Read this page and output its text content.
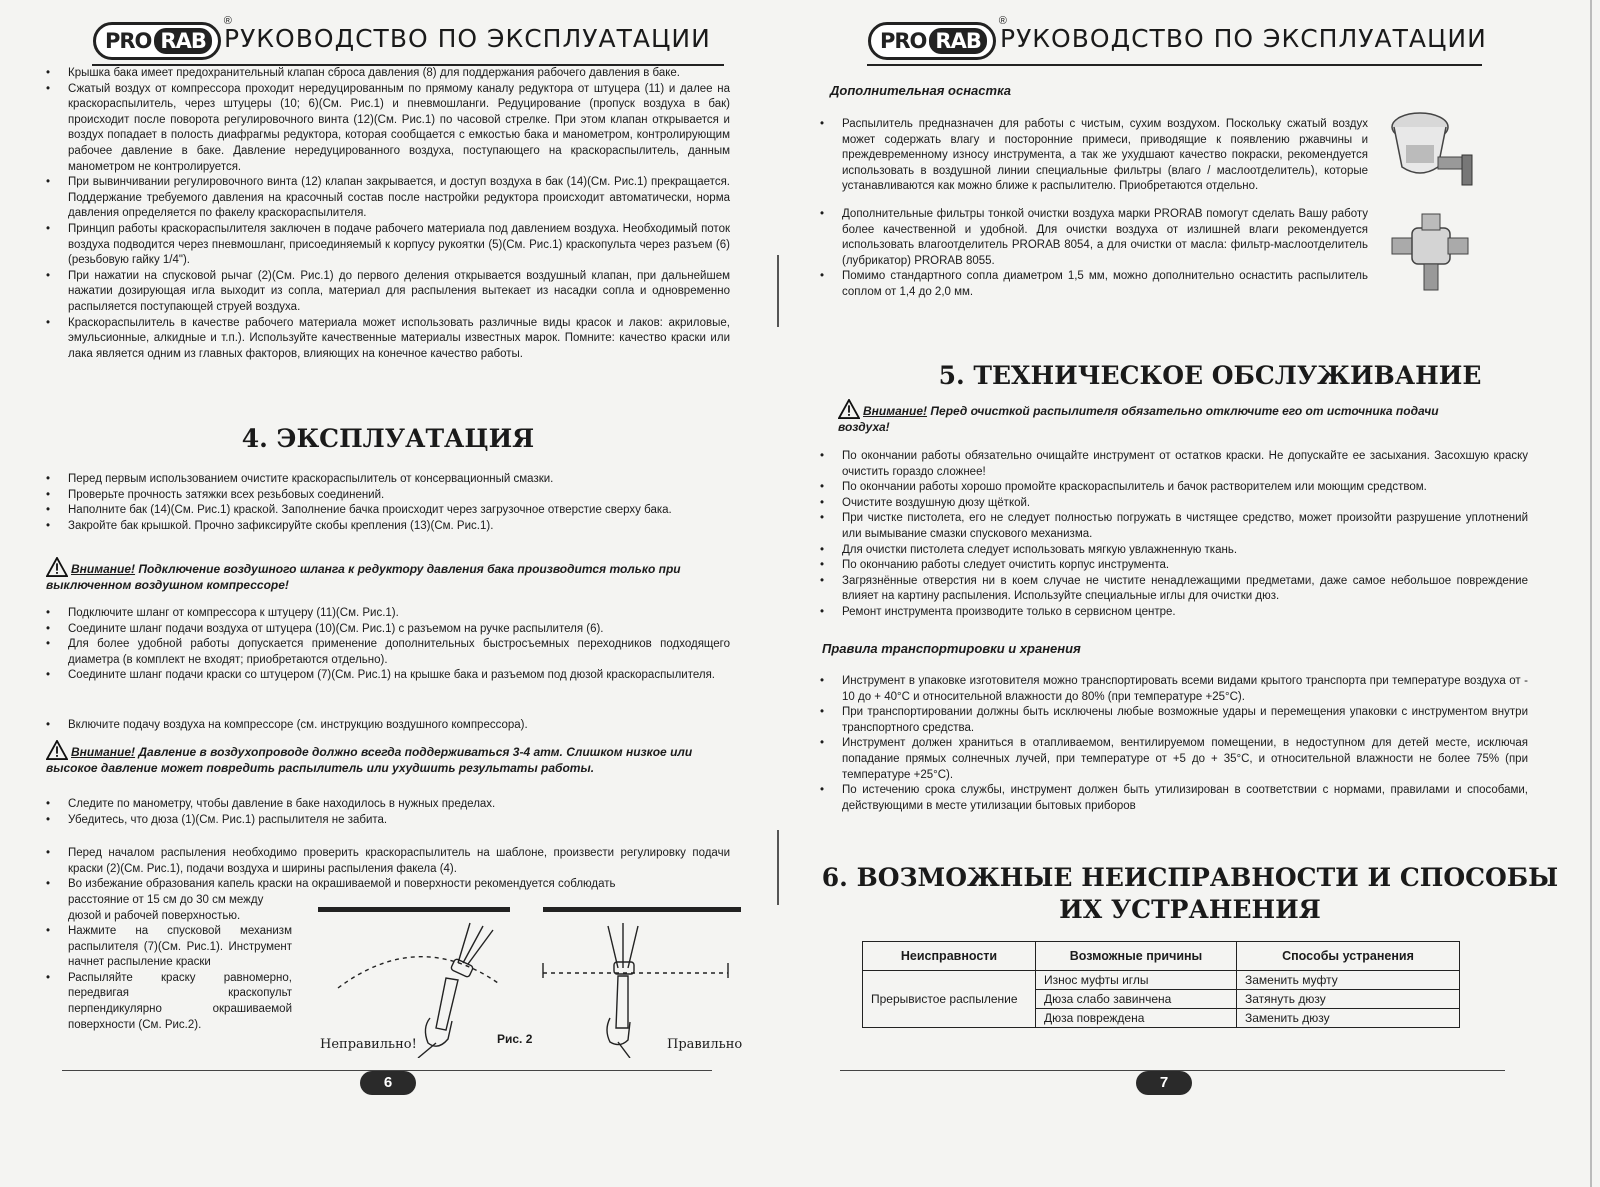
PRO RAB
®
РУКОВОДСТВО ПО ЭКСПЛУАТАЦИИ
• Крышка бака имеет предохранительный клапан сброса давления (8) для поддержания рабочего давления в баке.
• Сжатый воздух от компрессора проходит нередуцированным по прямому каналу редуктора от штуцера (11) и далее на краскораспылитель, через штуцеры (10; 6)(См. Рис.1) и пневмошланги. Редуцирование (пропуск воздуха в бак) происходит после поворота регулировочного винта (12)(См. Рис.1) по часовой стрелке. При этом клапан открывается и воздух попадает в полость диафрагмы редуктора, которая сообщается с емкостью бака и манометром, контролирующим рабочее давление в баке. Давление нередуцированного воздуха, поступающего на краскораспылитель, данным манометром не контролируется.
• При вывинчивании регулировочного винта (12) клапан закрывается, и доступ воздуха в бак (14)(См. Рис.1) прекращается. Поддержание требуемого давления на красочный состав после настройки редуктора происходит автоматически, норма давления определяется по факелу краскораспылителя.
• Принцип работы краскораспылителя заключен в подаче рабочего материала под давлением воздуха. Необходимый поток воздуха подводится через пневмошланг, присоединяемый к корпусу рукоятки (5)(См. Рис.1) краскопульта через разъем (6)(резьбовую гайку 1/4").
• При нажатии на спусковой рычаг (2)(См. Рис.1) до первого деления открывается воздушный клапан, при дальнейшем нажатии дозирующая игла выходит из сопла, материал для распыления вытекает из насадки сопла и одновременно распыляется поступающей струей воздуха.
• Краскораспылитель в качестве рабочего материала может использовать различные виды красок и лаков: акриловые, эмульсионные, алкидные и т.п.). Используйте качественные материалы известных марок. Помните: качество краски или лака является одним из главных факторов, влияющих на конечное качество работы.
4. ЭКСПЛУАТАЦИЯ
• Перед первым использованием очистите краскораспылитель от консервационный смазки.
• Проверьте прочность затяжки всех резьбовых соединений.
• Наполните бак (14)(См. Рис.1) краской. Заполнение бачка происходит через загрузочное отверстие сверху бака.
• Закройте бак крышкой. Прочно зафиксируйте скобы крепления (13)(См. Рис.1).
Внимание! Подключение воздушного шланга к редуктору давления бака производится только при выключенном воздушном компрессоре!
• Подключите шланг от компрессора к штуцеру (11)(См. Рис.1).
• Соедините шланг подачи воздуха от штуцера (10)(См. Рис.1) с разъемом на ручке распылителя (6).
• Для более удобной работы допускается применение дополнительных быстросъемных переходников подходящего диаметра (в комплект не входят; приобретаются отдельно).
• Соедините шланг подачи краски со штуцером (7)(См. Рис.1) на крышке бака и разъемом под дюзой краскораспылителя.
• Включите подачу воздуха на компрессоре (см. инструкцию воздушного компрессора).
Внимание! Давление в воздухопроводе должно всегда поддерживаться 3-4 атм. Слишком низкое или высокое давление может повредить распылитель или ухудшить результаты работы.
• Следите по манометру, чтобы давление в баке находилось в нужных пределах.
• Убедитесь, что дюза (1)(См. Рис.1) распылителя не забита.
• Перед началом распыления необходимо проверить краскораспылитель на шаблоне, произвести регулировку подачи краски (2)(См. Рис.1), подачи воздуха и ширины распыления факела (4).
• Во избежание образования капель краски на окрашиваемой и поверхности рекомендуется соблюдать
расстояние от 15 см до 30 см между дюзой и рабочей поверхностью.
• Нажмите на спусковой механизм распылителя (7)(См. Рис.1). Инструмент начнет распыление краски
• Распыляйте краску равномерно, передвигая краскопульт перпендикулярно окрашиваемой поверхности (См. Рис.2).
Неправильно!	Рис. 2	Правильно
6
PRO RAB
®
РУКОВОДСТВО ПО ЭКСПЛУАТАЦИИ
Дополнительная оснастка
• Распылитель предназначен для работы с чистым, сухим воздухом. Поскольку сжатый воздух может содержать влагу и посторонние примеси, приводящие к появлению ржавчины и преждевременному износу инструмента, а так же ухудшают качество покраски, рекомендуется использовать в воздушной линии специальные фильтры (влаго / маслоотделитель), которые устанавливаются как можно ближе к распылителю. Приобретаются отдельно.
• Дополнительные фильтры тонкой очистки воздуха марки PRORAB помогут сделать Вашу работу более качественной и удобной. Для очистки воздуха от излишней влаги рекомендуется использовать влагоотделитель PRORAB 8054, а для очистки от масла: фильтр-маслоотделитель (лубрикатор) PRORAB 8055.
• Помимо стандартного сопла диаметром 1,5 мм, можно дополнительно оснастить распылитель соплом от 1,4 до 2,0 мм.
5. ТЕХНИЧЕСКОЕ ОБСЛУЖИВАНИЕ
Внимание! Перед очисткой распылителя обязательно отключите его от источника подачи воздуха!
• По окончании работы обязательно очищайте инструмент от остатков краски. Не допускайте ее засыхания. Засохшую краску очистить гораздо сложнее!
• По окончании работы хорошо промойте краскораспылитель и бачок растворителем или моющим средством.
• Очистите воздушную дюзу щёткой.
• При чистке пистолета, его не следует полностью погружать в чистящее средство, может произойти разрушение уплотнений или вымывание смазки спускового механизма.
• Для очистки пистолета следует использовать мягкую увлажненную ткань.
• По окончанию работы следует очистить корпус инструмента.
• Загрязнённые отверстия ни в коем случае не чистите ненадлежащими предметами, даже самое небольшое повреждение влияет на картину распыления. Используйте специальные иглы для очистки дюз.
• Ремонт инструмента производите только в сервисном центре.
Правила транспортировки и хранения
• Инструмент в упаковке изготовителя можно транспортировать всеми видами крытого транспорта при температуре воздуха от - 10 до + 40°С и относительной влажности до 80% (при температуре +25°С).
• При транспортировании должны быть исключены любые возможные удары и перемещения упаковки с инструментом внутри транспортного средства.
• Инструмент должен храниться в отапливаемом, вентилируемом помещении, в недоступном для детей месте, исключая попадание прямых солнечных лучей, при температуре от +5 до + 35°С, и относительной влажности не более 75% (при температуре +25°С).
• По истечению срока службы, инструмент должен быть утилизирован в соответствии с нормами, правилами и способами, действующими в месте утилизации бытовых приборов
6. ВОЗМОЖНЫЕ НЕИСПРАВНОСТИ И СПОСОБЫ
ИХ УСТРАНЕНИЯ
Неисправности	Возможные причины	Способы устранения
Прерывистое распыление	Износ муфты иглы	Заменить муфту
	Дюза слабо завинчена	Затянуть дюзу
	Дюза повреждена	Заменить дюзу
7
